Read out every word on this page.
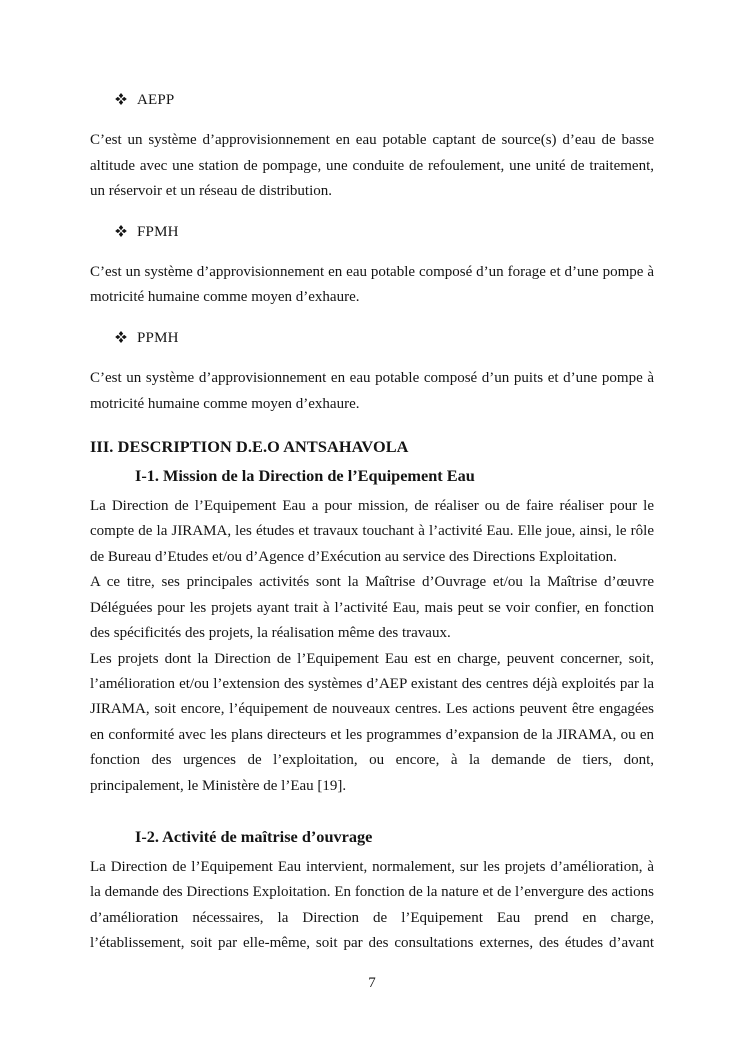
AEPP

C’est un système d’approvisionnement en eau potable captant de source(s) d’eau de basse altitude avec une station de pompage, une conduite de refoulement, une unité de traitement, un réservoir et un réseau de distribution.

FPMH

C’est un système d’approvisionnement en eau potable composé d’un forage et d’une pompe à motricité humaine comme moyen d’exhaure.

PPMH

C’est un système d’approvisionnement en eau potable composé d’un puits et d’une pompe à motricité humaine comme moyen d’exhaure.

III. DESCRIPTION D.E.O ANTSAHAVOLA
I-1. Mission de la Direction de l’Equipement Eau

La Direction de l’Equipement Eau a pour mission, de réaliser ou de faire réaliser pour le compte de la JIRAMA, les études et travaux touchant à l’activité Eau. Elle joue, ainsi, le rôle de Bureau d’Etudes et/ou d’Agence d’Exécution au service des Directions Exploitation.

A ce titre, ses principales activités sont la Maîtrise d’Ouvrage et/ou la Maîtrise d’œuvre Déléguées pour les projets ayant trait à l’activité Eau, mais peut se voir confier, en fonction des spécificités des projets, la réalisation même des travaux.

Les projets dont la Direction de l’Equipement Eau est en charge, peuvent concerner, soit, l’amélioration et/ou l’extension des systèmes d’AEP existant des centres déjà exploités par la JIRAMA, soit encore, l’équipement de nouveaux centres. Les actions peuvent être engagées en conformité avec les plans directeurs et les programmes d’expansion de la JIRAMA, ou en fonction des urgences de l’exploitation, ou encore, à la demande de tiers, dont, principalement, le Ministère de l’Eau [19].

I-2. Activité de maîtrise d’ouvrage

La Direction de l’Equipement Eau intervient, normalement, sur les projets d’amélioration, à la demande des Directions Exploitation. En fonction de la nature et de l’envergure des actions d’amélioration nécessaires, la Direction de l’Equipement Eau prend en charge, l’établissement, soit par elle-même, soit par des consultations externes, des études d’avant

7
